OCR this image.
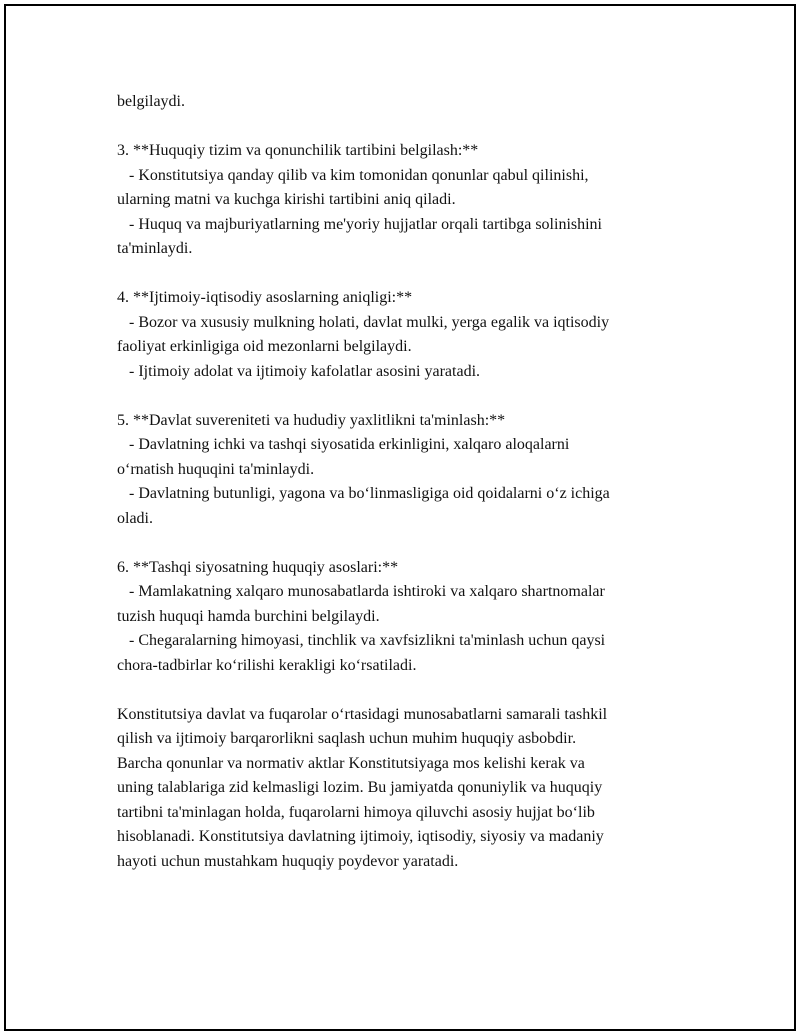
belgilaydi.
3. **Huquqiy tizim va qonunchilik tartibini belgilash:**
- Konstitutsiya qanday qilib va kim tomonidan qonunlar qabul qilinishi,
ularning matni va kuchga kirishi tartibini aniq qiladi.
- Huquq va majburiyatlarning me'yoriy hujjatlar orqali tartibga solinishini
ta'minlaydi.
4. **Ijtimoiy-iqtisodiy asoslarning aniqligi:**
- Bozor va xususiy mulkning holati, davlat mulki, yerga egalik va iqtisodiy
faoliyat erkinligiga oid mezonlarni belgilaydi.
- Ijtimoiy adolat va ijtimoiy kafolatlar asosini yaratadi.
5. **Davlat suvereniteti va hududiy yaxlitlikni ta'minlash:**
- Davlatning ichki va tashqi siyosatida erkinligini, xalqaro aloqalarni
o‘rnatish huquqini ta'minlaydi.
- Davlatning butunligi, yagona va bo‘linmasligiga oid qoidalarni o‘z ichiga
oladi.
6. **Tashqi siyosatning huquqiy asoslari:**
- Mamlakatning xalqaro munosabatlarda ishtiroki va xalqaro shartnomalar
tuzish huquqi hamda burchini belgilaydi.
- Chegaralarning himoyasi, tinchlik va xavfsizlikni ta'minlash uchun qaysi
chora-tadbirlar ko‘rilishi kerakligi ko‘rsatiladi.
Konstitutsiya davlat va fuqarolar o‘rtasidagi munosabatlarni samarali tashkil
qilish va ijtimoiy barqarorlikni saqlash uchun muhim huquqiy asbobdir.
Barcha qonunlar va normativ aktlar Konstitutsiyaga mos kelishi kerak va
uning talablariga zid kelmasligi lozim. Bu jamiyatda qonuniylik va huquqiy
tartibni ta'minlagan holda, fuqarolarni himoya qiluvchi asosiy hujjat bo‘lib
hisoblanadi. Konstitutsiya davlatning ijtimoiy, iqtisodiy, siyosiy va madaniy
hayoti uchun mustahkam huquqiy poydevor yaratadi.
